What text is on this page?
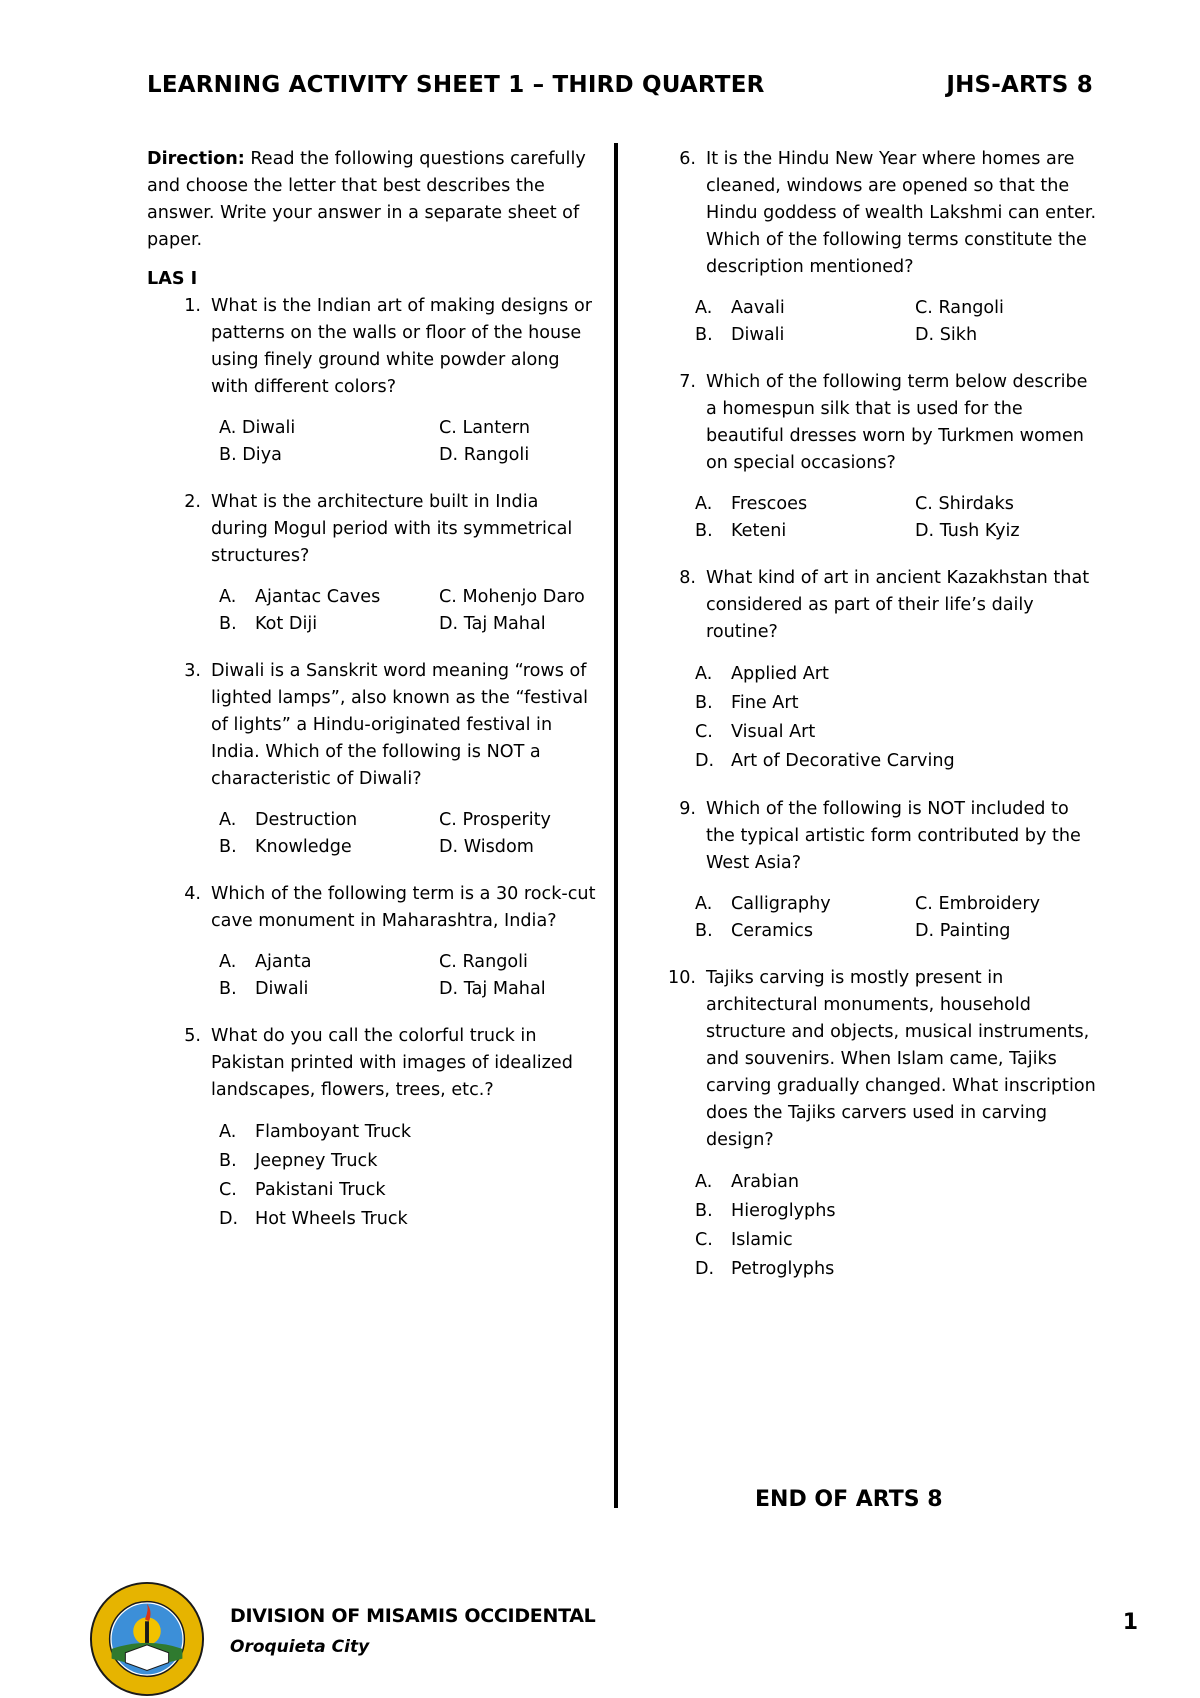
LEARNING ACTIVITY SHEET 1 – THIRD QUARTER	JHS-ARTS 8

Direction: Read the following questions carefully and choose the letter that best describes the answer. Write your answer in a separate sheet of paper.

LAS I
1. What is the Indian art of making designs or patterns on the walls or floor of the house using finely ground white powder along with different colors?
A. Diwali	C. Lantern
B. Diya	D. Rangoli
2. What is the architecture built in India during Mogul period with its symmetrical structures?
A.	Ajantac Caves	C. Mohenjo Daro
B.	Kot Diji	D. Taj Mahal
3. Diwali is a Sanskrit word meaning “rows of lighted lamps”, also known as the “festival of lights” a Hindu-originated festival in India. Which of the following is NOT a characteristic of Diwali?
A.	Destruction	C. Prosperity
B.	Knowledge	D. Wisdom
4. Which of the following term is a 30 rock-cut cave monument in Maharashtra, India?
A.	Ajanta	C. Rangoli
B.	Diwali	D. Taj Mahal
5. What do you call the colorful truck in Pakistan printed with images of idealized landscapes, flowers, trees, etc.?
A.	Flamboyant Truck
B.	Jeepney Truck
C.	Pakistani Truck
D. Hot Wheels Truck
6. It is the Hindu New Year where homes are cleaned, windows are opened so that the Hindu goddess of wealth Lakshmi can enter. Which of the following terms constitute the description mentioned?
A.	Aavali	C. Rangoli
B.	Diwali	D. Sikh
7. Which of the following term below describe a homespun silk that is used for the beautiful dresses worn by Turkmen women on special occasions?
A.	Frescoes	C. Shirdaks
B.	Keteni	D. Tush Kyiz
8. What kind of art in ancient Kazakhstan that considered as part of their life’s daily routine?
A.	Applied Art
B.	Fine Art
C.	Visual Art
D. Art of Decorative Carving
9. Which of the following is NOT included to the typical artistic form contributed by the West Asia?
A.	Calligraphy	C. Embroidery
B.	Ceramics	D. Painting
10. Tajiks carving is mostly present in architectural monuments, household structure and objects, musical instruments, and souvenirs. When Islam came, Tajiks carving gradually changed. What inscription does the Tajiks carvers used in carving design?
A.	Arabian
B.	Hieroglyphs
C.	Islamic
D. Petroglyphs
END OF ARTS 8
DIVISION OF MISAMIS OCCIDENTAL
Oroquieta City
1
